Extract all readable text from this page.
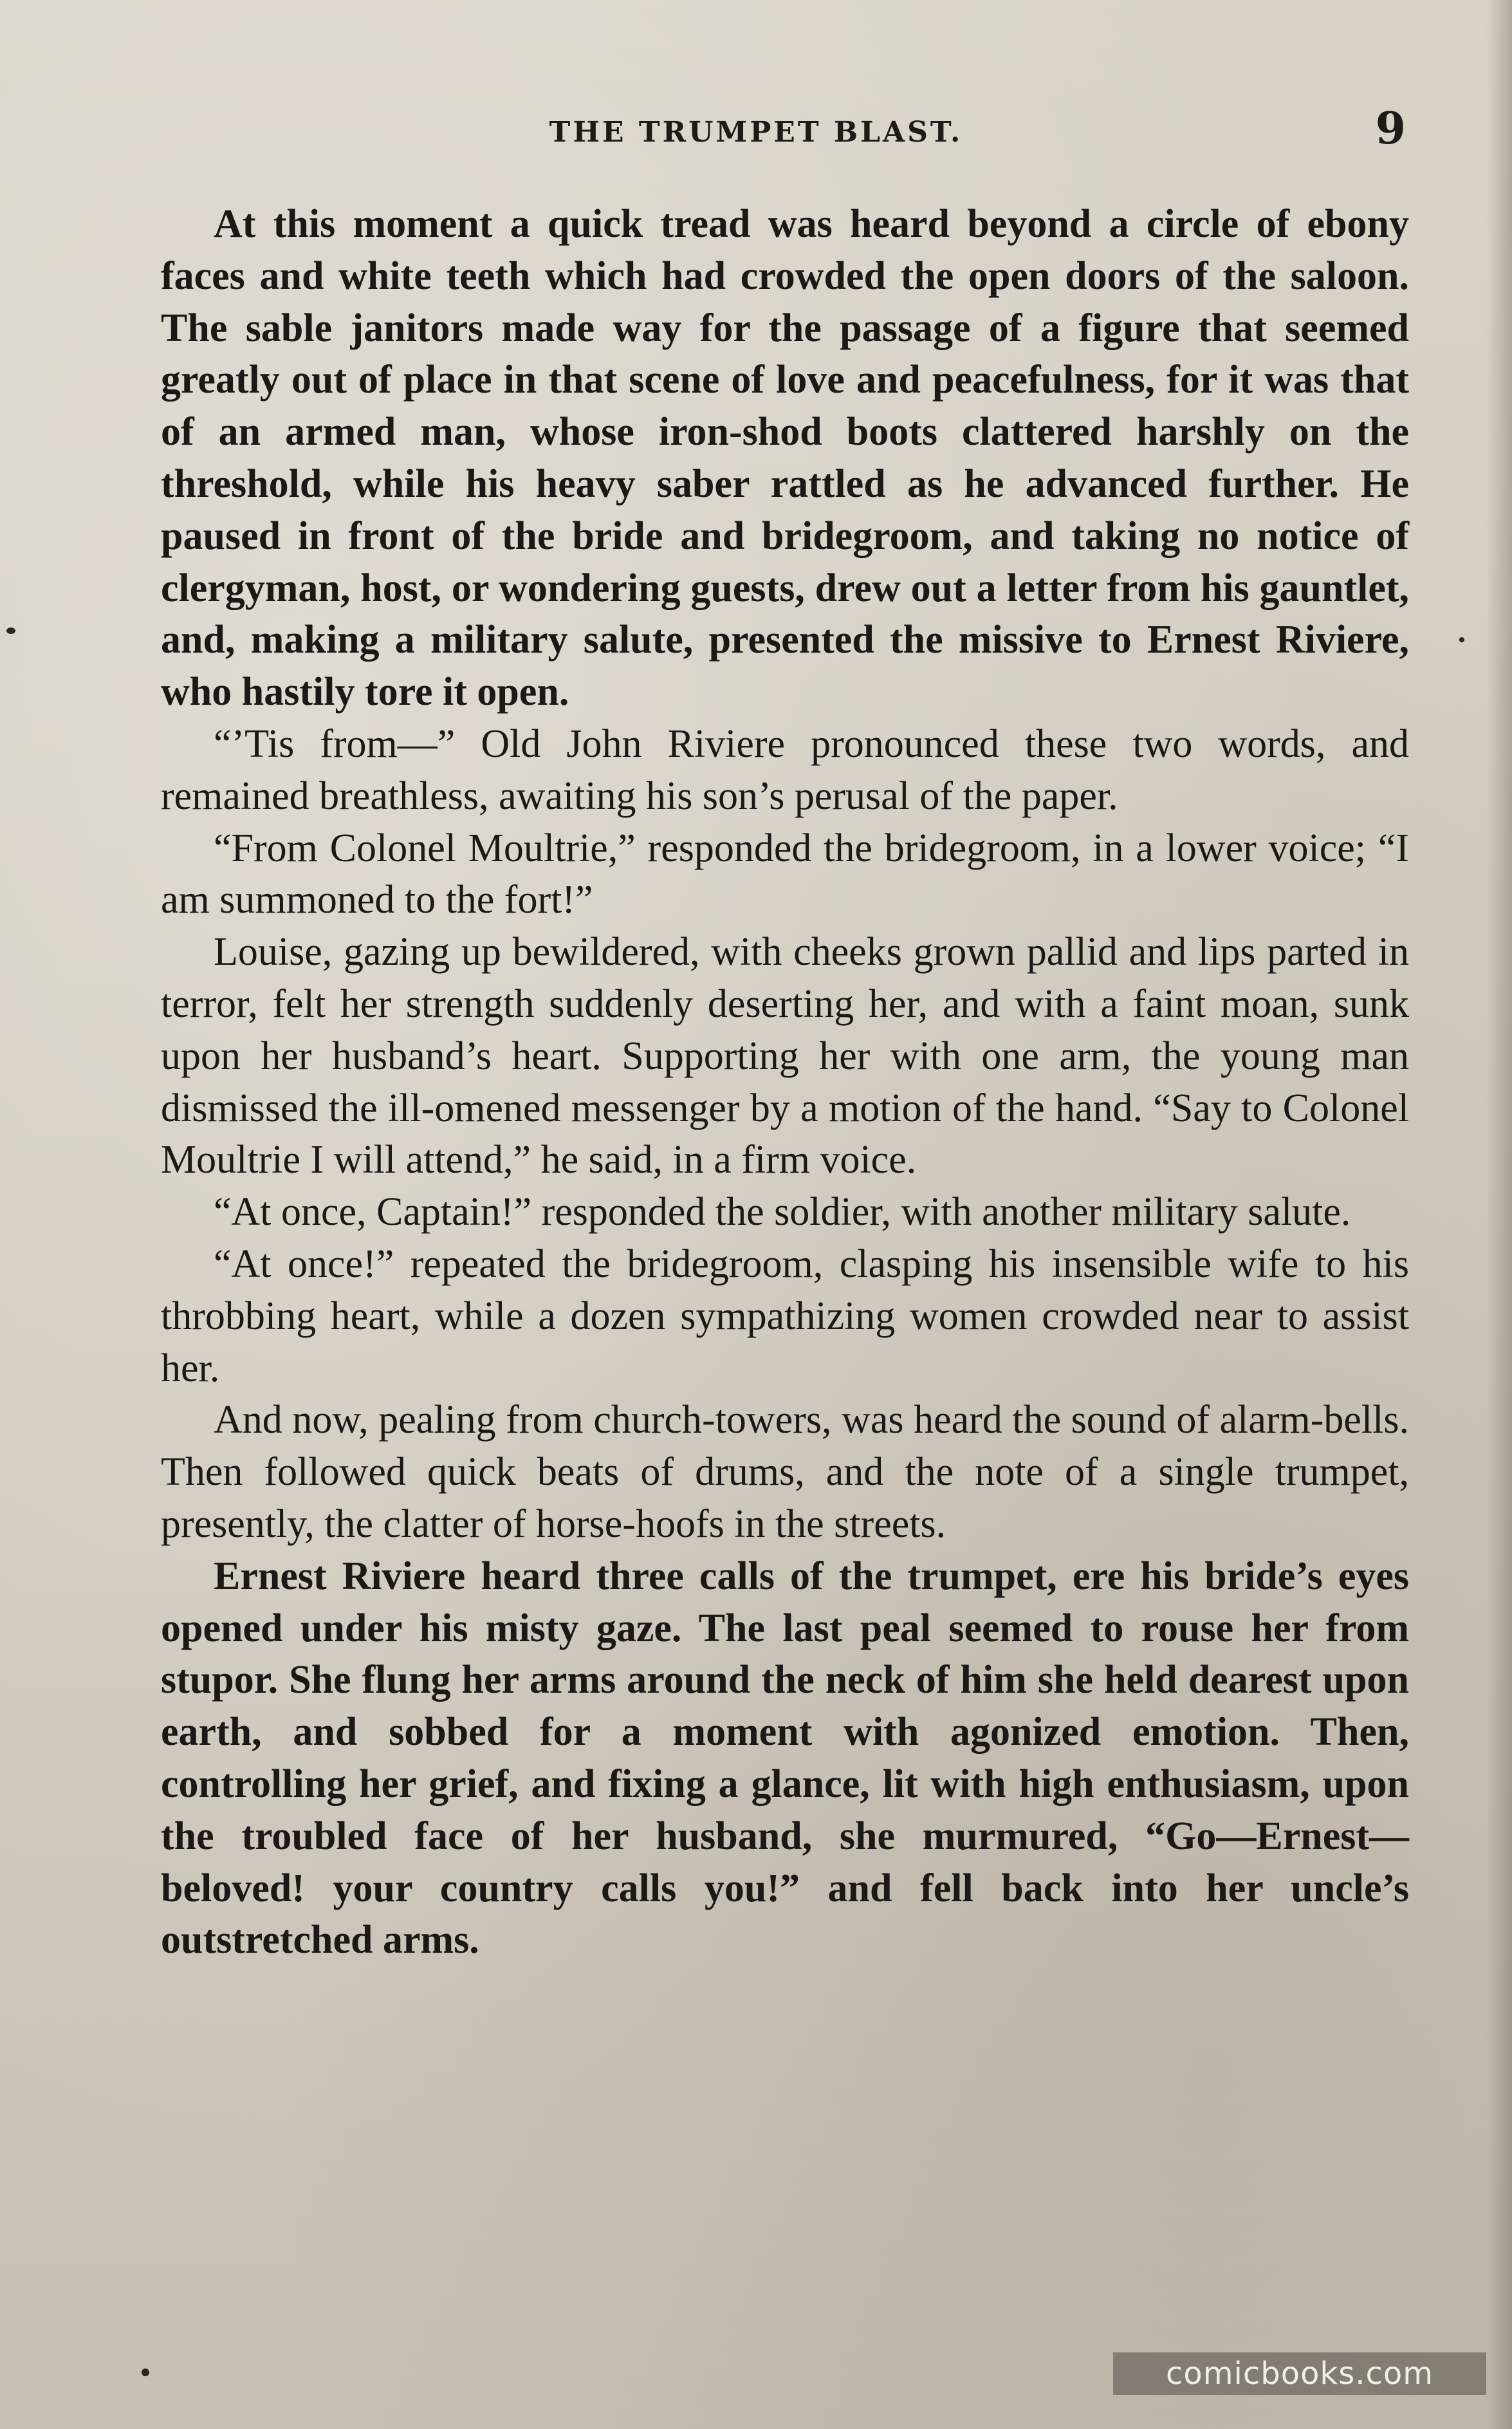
THE TRUMPET BLAST.	9

At this moment a quick tread was heard beyond a circle of ebony faces and white teeth which had crowded the open doors of the saloon. The sable janitors made way for the passage of a figure that seemed greatly out of place in that scene of love and peacefulness, for it was that of an armed man, whose iron-shod boots clattered harshly on the threshold, while his heavy saber rattled as he advanced further. He paused in front of the bride and bridegroom, and taking no notice of clergyman, host, or wondering guests, drew out a letter from his gauntlet, and, making a military salute, presented the missive to Ernest Riviere, who hastily tore it open.

“’Tis from—” Old John Riviere pronounced these two words, and remained breathless, awaiting his son’s perusal of the paper.

“From Colonel Moultrie,” responded the bridegroom, in a lower voice; “I am summoned to the fort!”

Louise, gazing up bewildered, with cheeks grown pallid and lips parted in terror, felt her strength suddenly deserting her, and with a faint moan, sunk upon her husband’s heart. Supporting her with one arm, the young man dismissed the ill-omened messenger by a motion of the hand. “Say to Colonel Moultrie I will attend,” he said, in a firm voice.

“At once, Captain!” responded the soldier, with another military salute.

“At once!” repeated the bridegroom, clasping his insensible wife to his throbbing heart, while a dozen sympathizing women crowded near to assist her.

And now, pealing from church-towers, was heard the sound of alarm-bells. Then followed quick beats of drums, and the note of a single trumpet, presently, the clatter of horse-hoofs in the streets.

Ernest Riviere heard three calls of the trumpet, ere his bride’s eyes opened under his misty gaze. The last peal seemed to rouse her from stupor. She flung her arms around the neck of him she held dearest upon earth, and sobbed for a moment with agonized emotion. Then, controlling her grief, and fixing a glance, lit with high enthusiasm, upon the troubled face of her husband, she murmured, “Go—Ernest—beloved! your country calls you!” and fell back into her uncle’s outstretched arms.

comicbooks.com
